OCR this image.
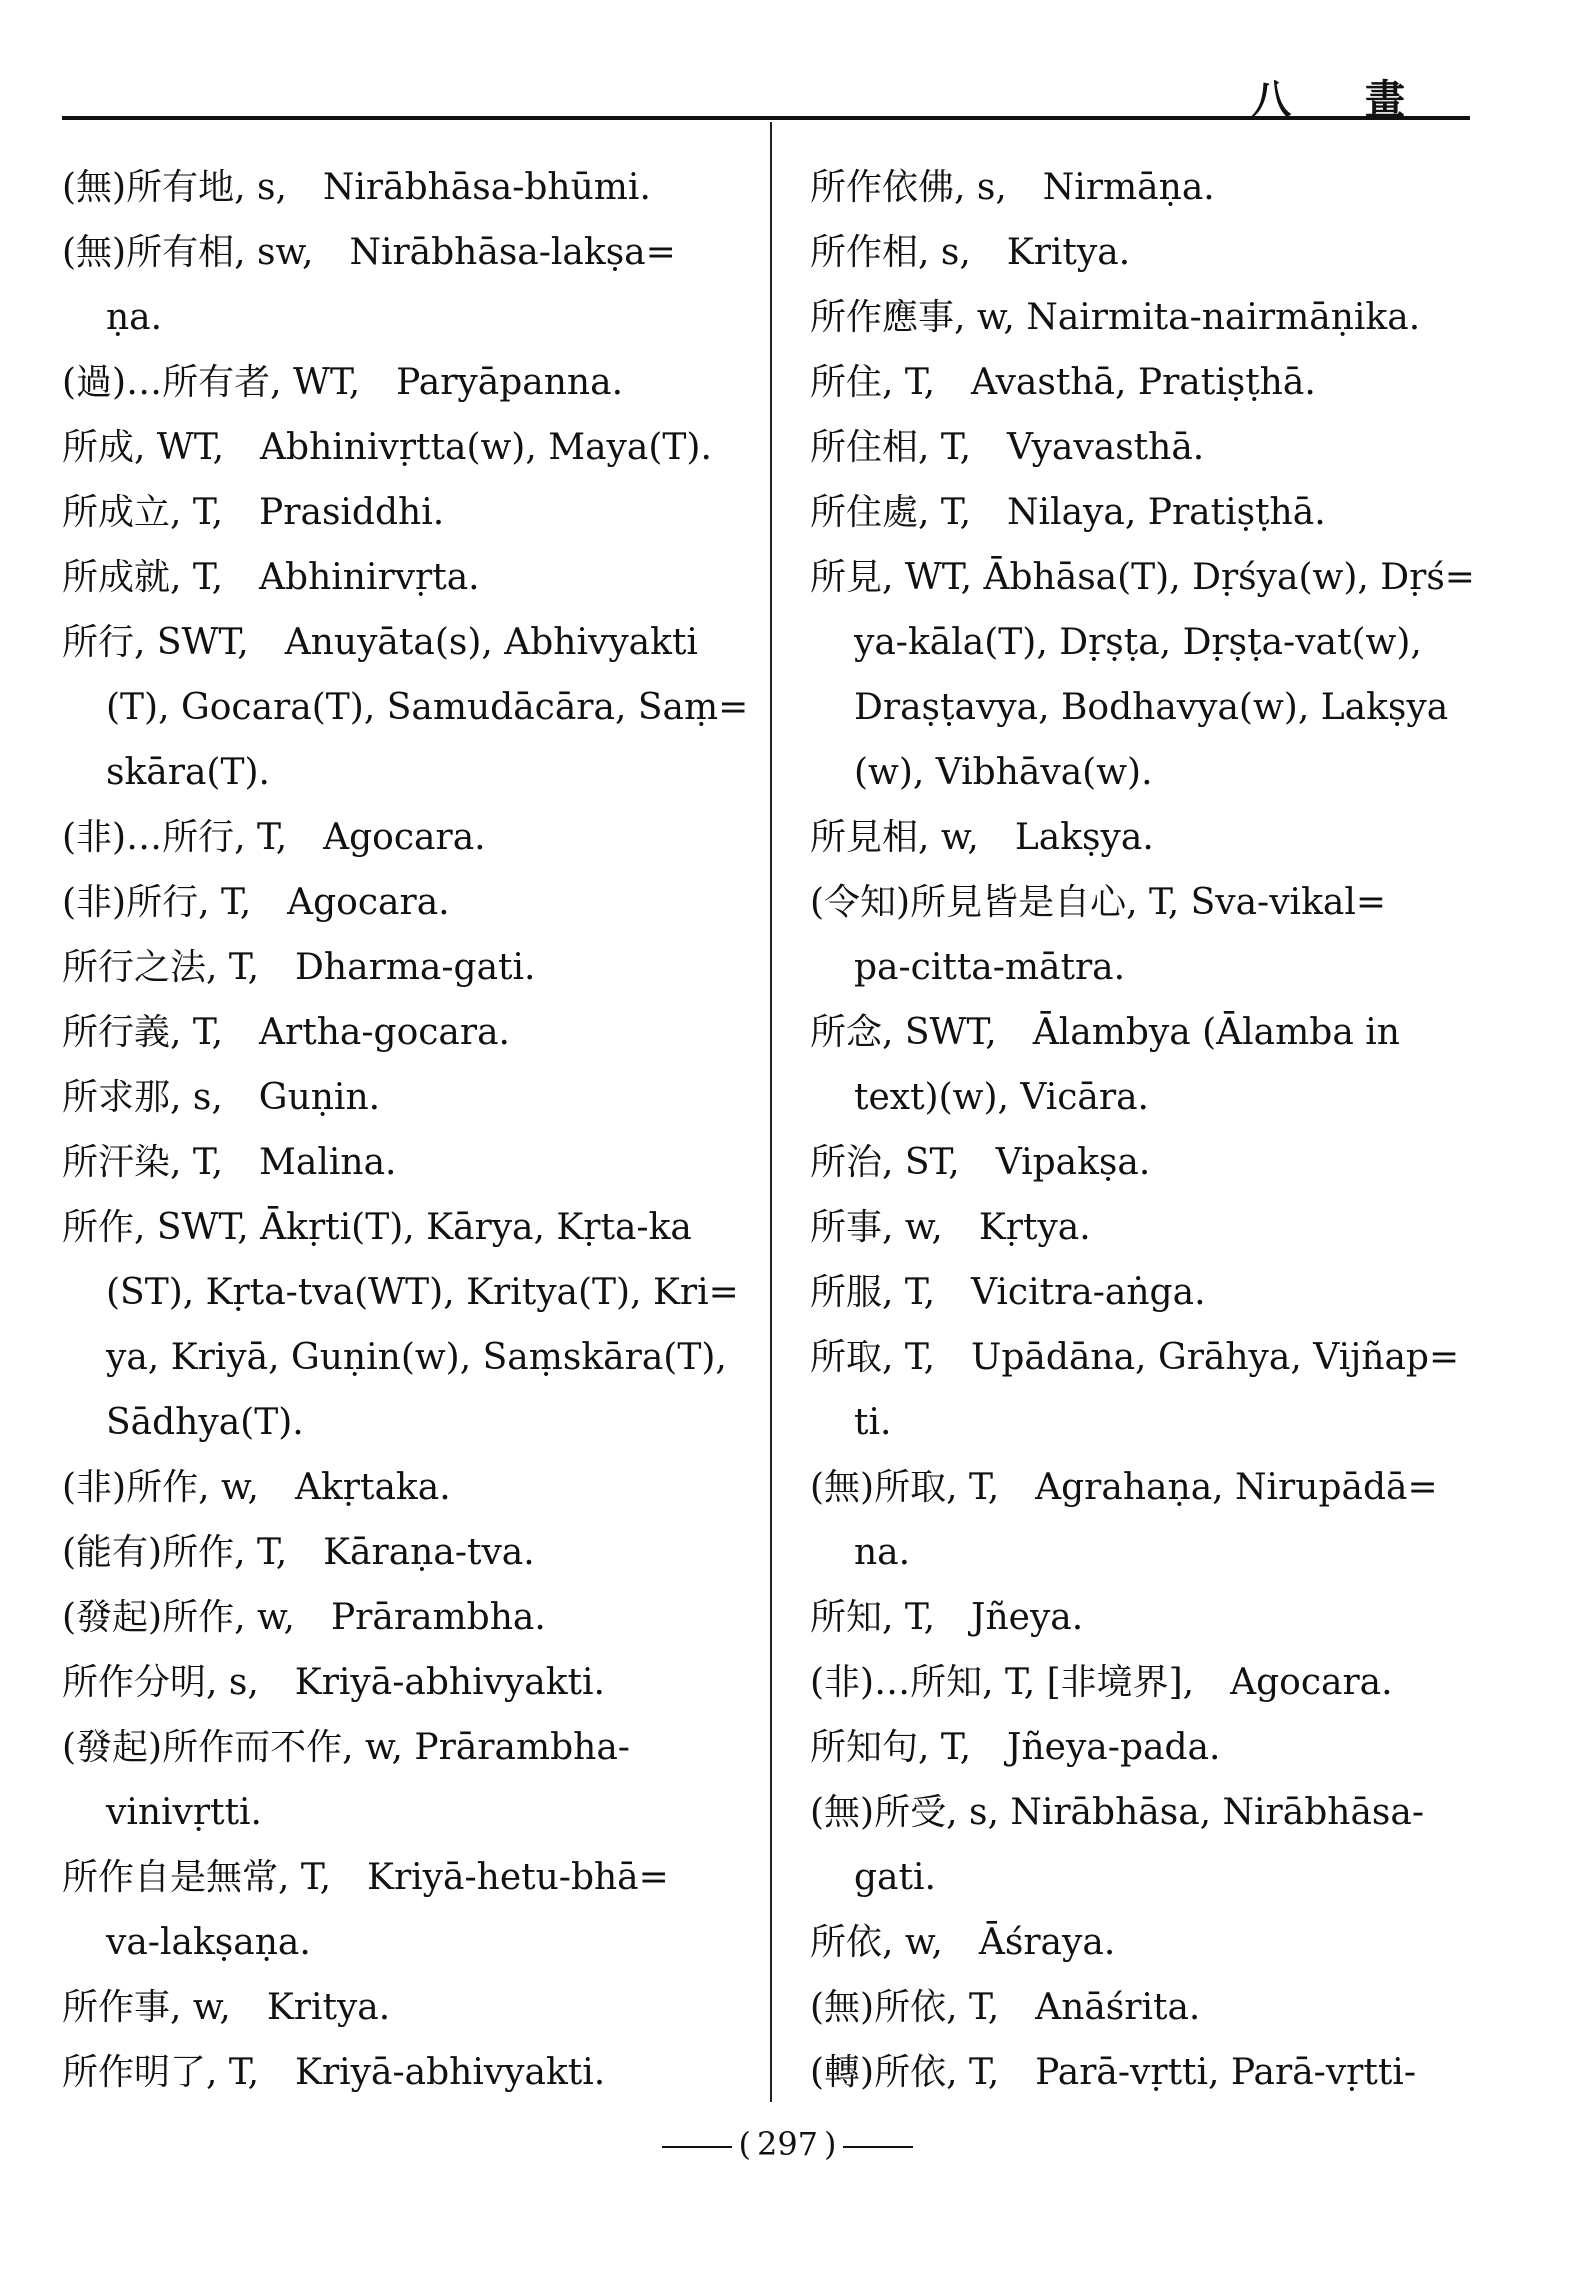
八 畫
(無)所有地, s,　Nirābhāsa-bhūmi.
(無)所有相, sw,　Nirābhāsa-lakṣa=
ṇa.
(過)…所有者, WT,　Paryāpanna.
所成, WT,　Abhinivṛtta(w), Maya(T).
所成立, T,　Prasiddhi.
所成就, T,　Abhinirvṛta.
所行, SWT,　Anuyāta(s), Abhivyakti
(T), Gocara(T), Samudācāra, Saṃ=
skāra(T).
(非)…所行, T,　Agocara.
(非)所行, T,　Agocara.
所行之法, T,　Dharma-gati.
所行義, T,　Artha-gocara.
所求那, s,　Guṇin.
所汗染, T,　Malina.
所作, SWT, Ākṛti(T), Kārya, Kṛta-ka
(ST), Kṛta-tva(WT), Kritya(T), Kri=
ya, Kriyā, Guṇin(w), Saṃskāra(T),
Sādhya(T).
(非)所作, w,　Akṛtaka.
(能有)所作, T,　Kāraṇa-tva.
(發起)所作, w,　Prārambha.
所作分明, s,　Kriyā-abhivyakti.
(發起)所作而不作, w, Prārambha-
vinivṛtti.
所作自是無常, T,　Kriyā-hetu-bhā=
va-lakṣaṇa.
所作事, w,　Kritya.
所作明了, T,　Kriyā-abhivyakti.
所作依佛, s,　Nirmāṇa.
所作相, s,　Kritya.
所作應事, w, Nairmita-nairmāṇika.
所住, T,　Avasthā, Pratiṣṭhā.
所住相, T,　Vyavasthā.
所住處, T,　Nilaya, Pratiṣṭhā.
所見, WT, Ābhāsa(T), Dṛśya(w), Dṛś=
ya-kāla(T), Dṛṣṭa, Dṛṣṭa-vat(w),
Draṣṭavya, Bodhavya(w), Lakṣya
(w), Vibhāva(w).
所見相, w,　Lakṣya.
(令知)所見皆是自心, T, Sva-vikal=
pa-citta-mātra.
所念, SWT,　Ālambya (Ālamba in
text)(w), Vicāra.
所治, ST,　Vipakṣa.
所事, w,　Kṛtya.
所服, T,　Vicitra-aṅga.
所取, T,　Upādāna, Grāhya, Vijñap=
ti.
(無)所取, T,　Agrahaṇa, Nirupādā=
na.
所知, T,　Jñeya.
(非)…所知, T, [非境界],　Agocara.
所知句, T,　Jñeya-pada.
(無)所受, s, Nirābhāsa, Nirābhāsa-
gati.
所依, w,　Āśraya.
(無)所依, T,　Anāśrita.
(轉)所依, T,　Parā-vṛtti, Parā-vṛtti-
( 297 )
